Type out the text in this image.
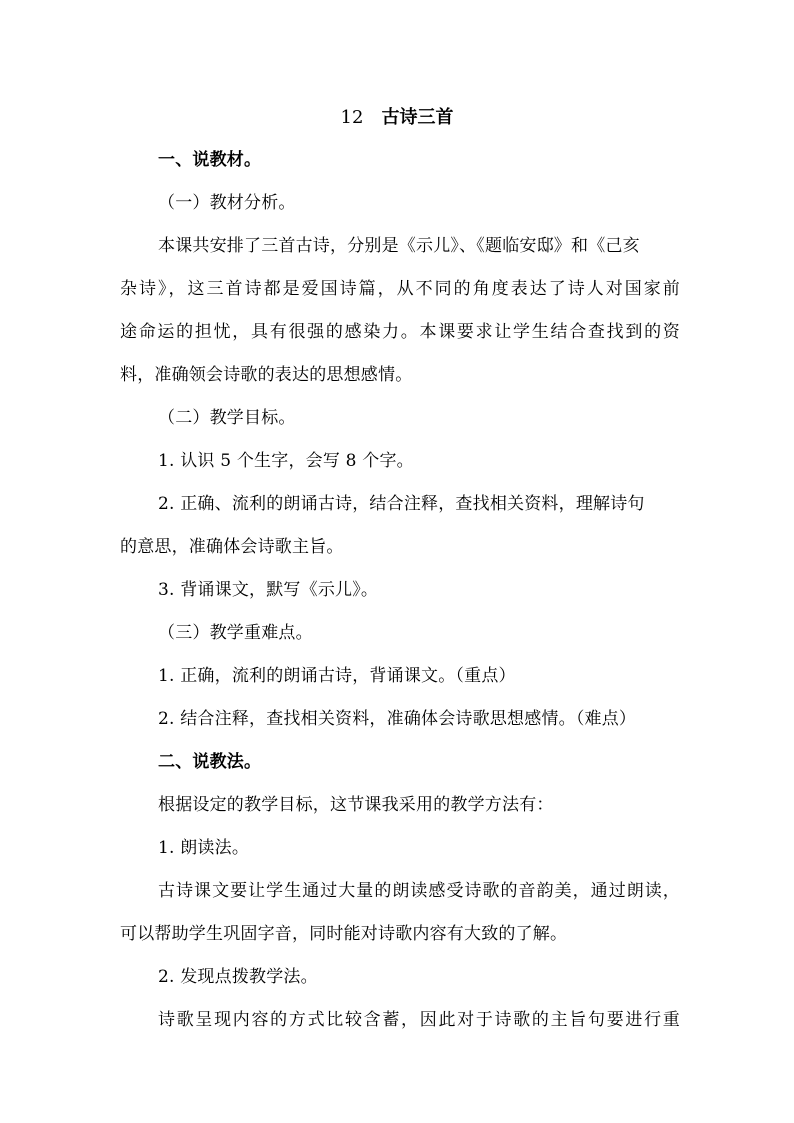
12 古诗三首
一、说教材。
（一）教材分析。
本课共安排了三首古诗，分别是《示儿》、《题临安邸》和《己亥
杂诗》，这三首诗都是爱国诗篇，从不同的角度表达了诗人对国家前
途命运的担忧，具有很强的感染力。本课要求让学生结合查找到的资
料，准确领会诗歌的表达的思想感情。
（二）教学目标。
1. 认识 5 个生字，会写 8 个字。
2. 正确、流利的朗诵古诗，结合注释，查找相关资料，理解诗句
的意思，准确体会诗歌主旨。
3. 背诵课文，默写《示儿》。
（三）教学重难点。
1. 正确，流利的朗诵古诗，背诵课文。（重点）
2. 结合注释，查找相关资料，准确体会诗歌思想感情。（难点）
二、说教法。
根据设定的教学目标，这节课我采用的教学方法有：
1. 朗读法。
古诗课文要让学生通过大量的朗读感受诗歌的音韵美，通过朗读，
可以帮助学生巩固字音，同时能对诗歌内容有大致的了解。
2. 发现点拨教学法。
诗歌呈现内容的方式比较含蓄，因此对于诗歌的主旨句要进行重
